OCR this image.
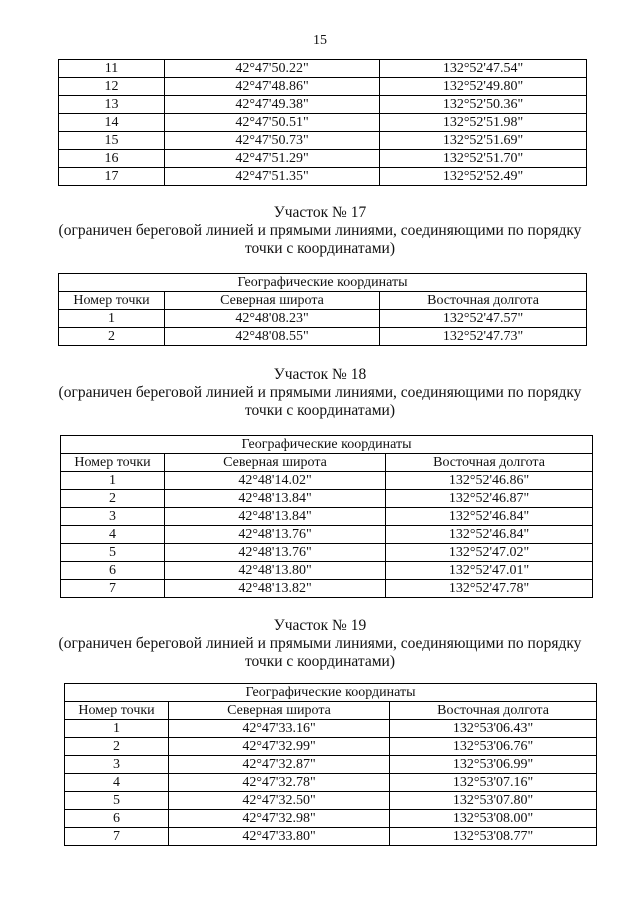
15
11	42°47'50.22"	132°52'47.54"
12	42°47'48.86"	132°52'49.80"
13	42°47'49.38"	132°52'50.36"
14	42°47'50.51"	132°52'51.98"
15	42°47'50.73"	132°52'51.69"
16	42°47'51.29"	132°52'51.70"
17	42°47'51.35"	132°52'52.49"
Участок № 17
(ограничен береговой линией и прямыми линиями, соединяющими по порядку
точки с координатами)
Географические координаты		
Номер точки	Северная широта	Восточная долгота
1	42°48'08.23"	132°52'47.57"
2	42°48'08.55"	132°52'47.73"
Участок № 18
(ограничен береговой линией и прямыми линиями, соединяющими по порядку
точки с координатами)
Географические координаты		
Номер точки	Северная широта	Восточная долгота
1	42°48'14.02"	132°52'46.86"
2	42°48'13.84"	132°52'46.87"
3	42°48'13.84"	132°52'46.84"
4	42°48'13.76"	132°52'46.84"
5	42°48'13.76"	132°52'47.02"
6	42°48'13.80"	132°52'47.01"
7	42°48'13.82"	132°52'47.78"
Участок № 19
(ограничен береговой линией и прямыми линиями, соединяющими по порядку
точки с координатами)
Географические координаты		
Номер точки	Северная широта	Восточная долгота
1	42°47'33.16"	132°53'06.43"
2	42°47'32.99"	132°53'06.76"
3	42°47'32.87"	132°53'06.99"
4	42°47'32.78"	132°53'07.16"
5	42°47'32.50"	132°53'07.80"
6	42°47'32.98"	132°53'08.00"
7	42°47'33.80"	132°53'08.77"
